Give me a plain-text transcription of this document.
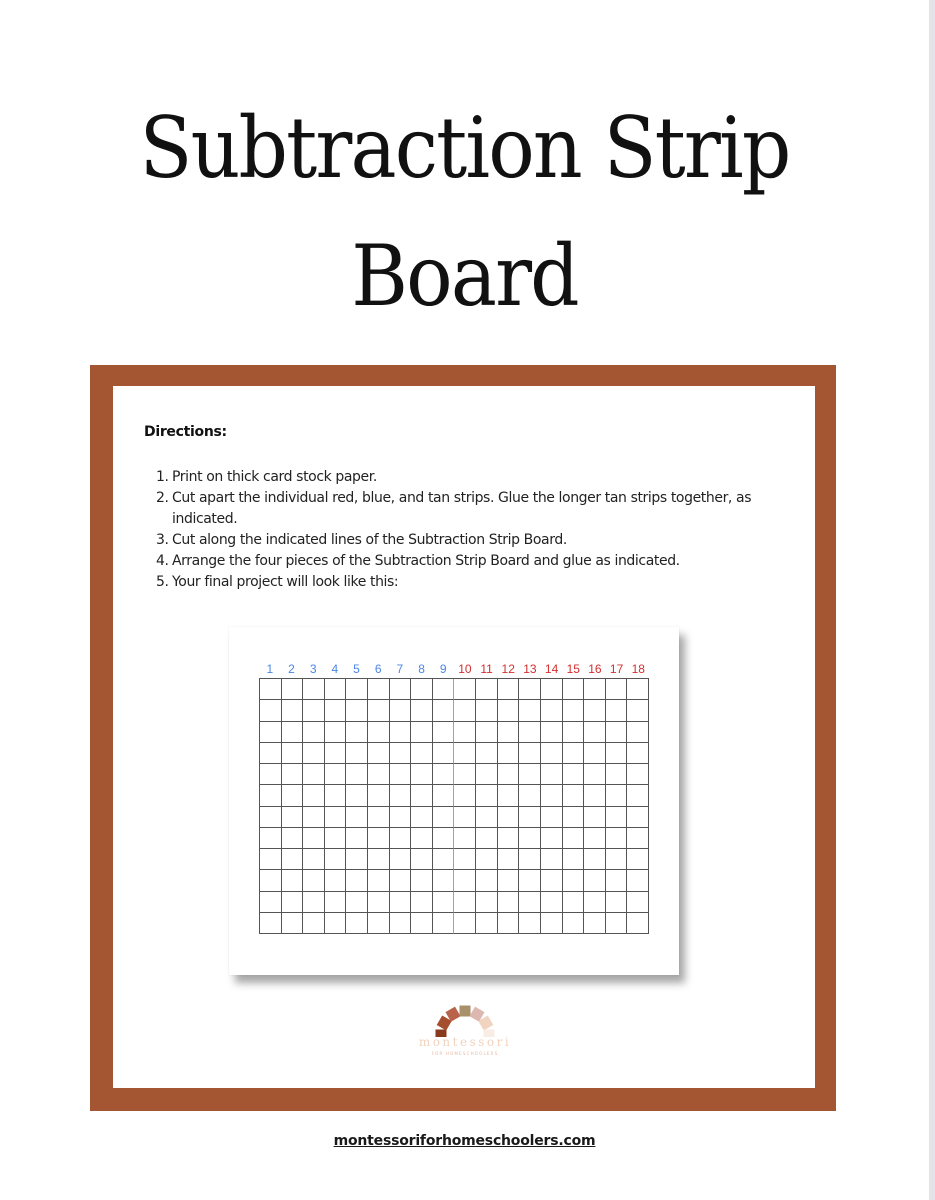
Subtraction Strip
Board
Directions:
1. Print on thick card stock paper.
2. Cut apart the individual red, blue, and tan strips. Glue the longer tan strips together, as indicated.
3. Cut along the indicated lines of the Subtraction Strip Board.
4. Arrange the four pieces of the Subtraction Strip Board and glue as indicated.
5. Your final project will look like this:
1	2	3	4	5	6	7	8	9 10 11 12 13 14 15 16 17 18
montessori
FOR HOMESCHOOLERS
montessoriforhomeschoolers.com
